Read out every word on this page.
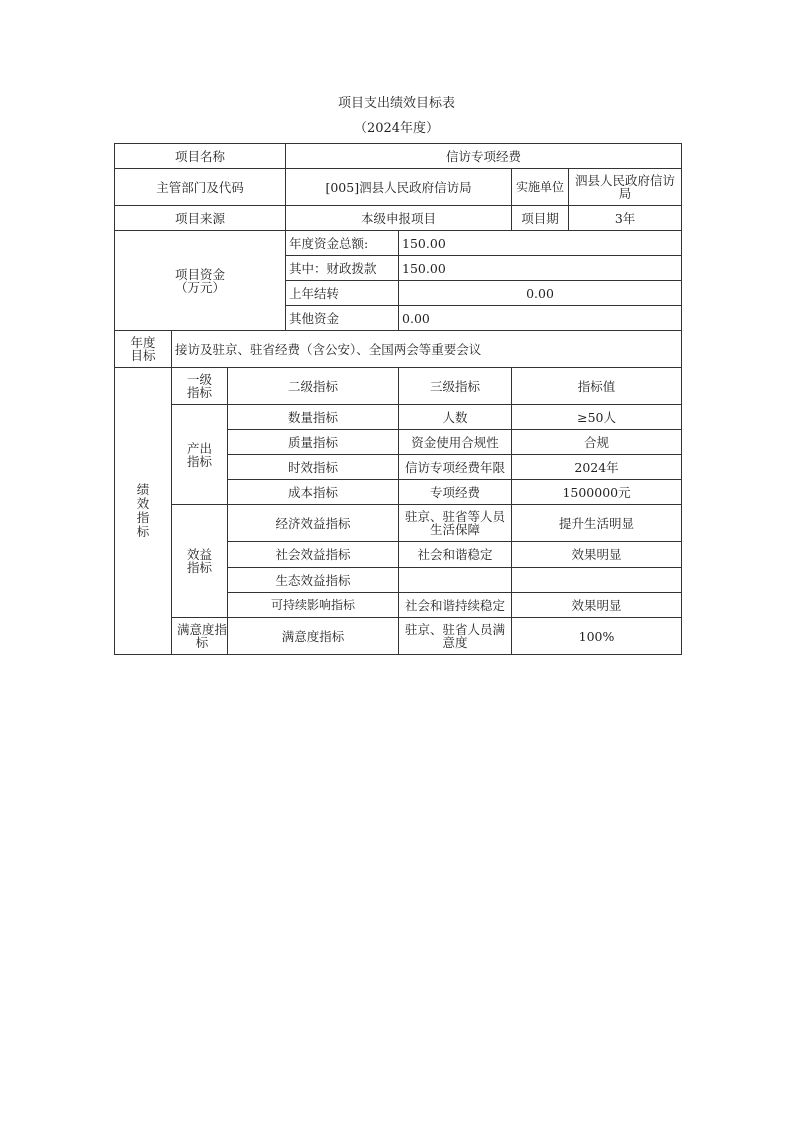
项目支出绩效目标表
（2024年度）
项目名称			信访专项经费			
主管部门及代码			[005]泗县人民政府信访局		实施单位	泗县人民政府信访局
项目来源			本级申报项目		项目期	3年
项目资金
（万元）			年度资金总额:	150.00		
			其中：财政拨款	150.00		
			上年结转	0.00		
			其他资金	0.00		
年度目标	接访及驻京、驻省经费（含公安）、全国两会等重要会议					
绩效指标	一级指标	二级指标		三级指标	指标值	
	产出指标	数量指标		人数	≥50人	
		质量指标		资金使用合规性	合规	
		时效指标		信访专项经费年限	2024年	
		成本指标		专项经费	1500000元	
	效益指标	经济效益指标		驻京、驻省等人员生活保障	提升生活明显	
		社会效益指标		社会和谐稳定	效果明显	
		生态效益指标				
		可持续影响指标		社会和谐持续稳定	效果明显	
	满意度指标	满意度指标		驻京、驻省人员满意度	100%	
